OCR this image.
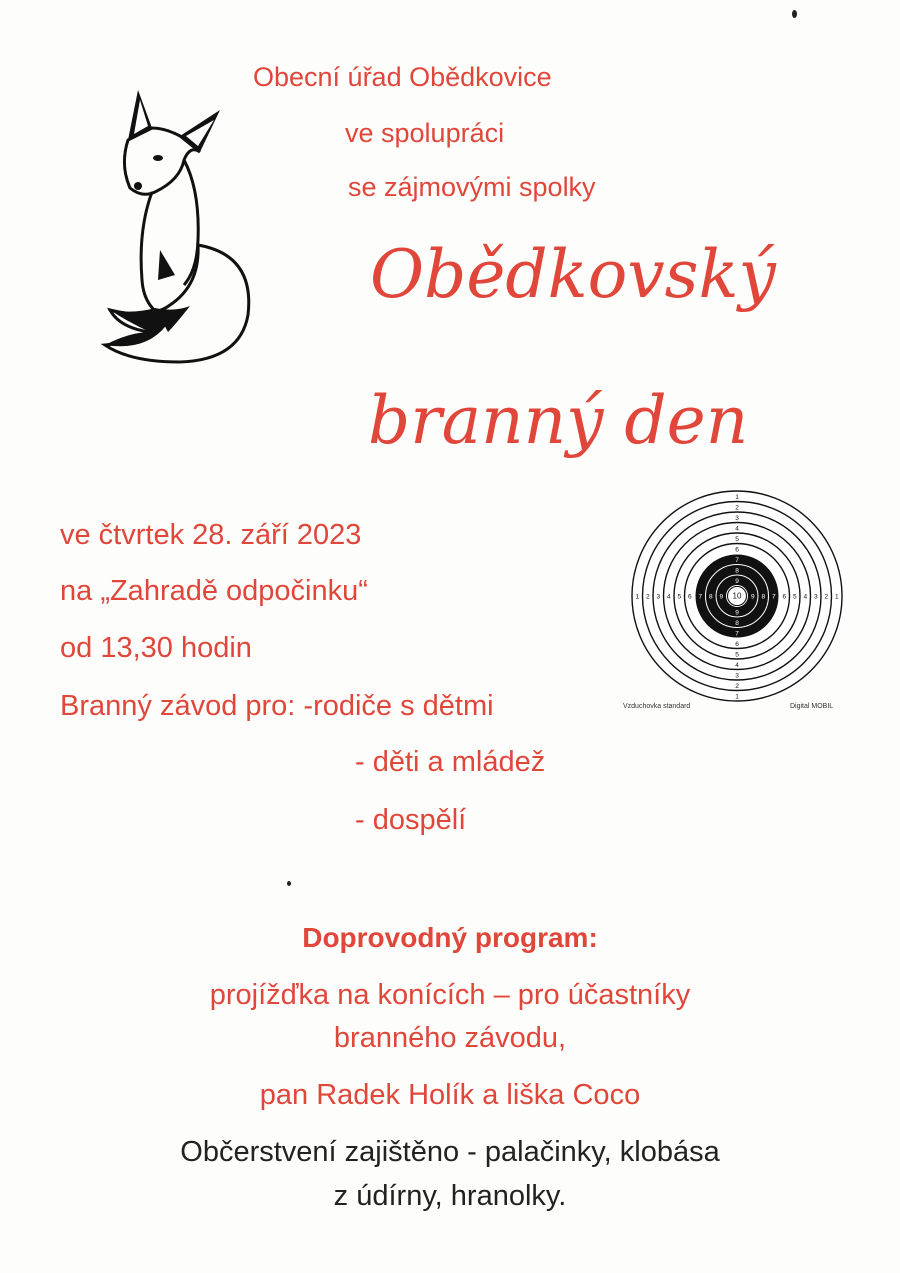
Obecní úřad Obědkovice
ve spolupráci
se zájmovými spolky
Obědkovský
branný den
ve čtvrtek 28. září 2023
na „Zahradě odpočinku“
od 13,30 hodin
Branný závod pro: -rodiče s dětmi
- děti a mládež
- dospělí
1
1
1	1
2
2
2	2
3
3
3	3
4
4
4	4
5
5
5	5
6
6
6	6
7
7
7	7
8
8
8	8
9
9
9	9
10
Vzduchovka standard	Digital MOBIL
Doprovodný program:
projížďka na konících – pro účastníky
branného závodu,
pan Radek Holík a liška Coco
Občerstvení zajištěno - palačinky, klobása
z údírny, hranolky.
